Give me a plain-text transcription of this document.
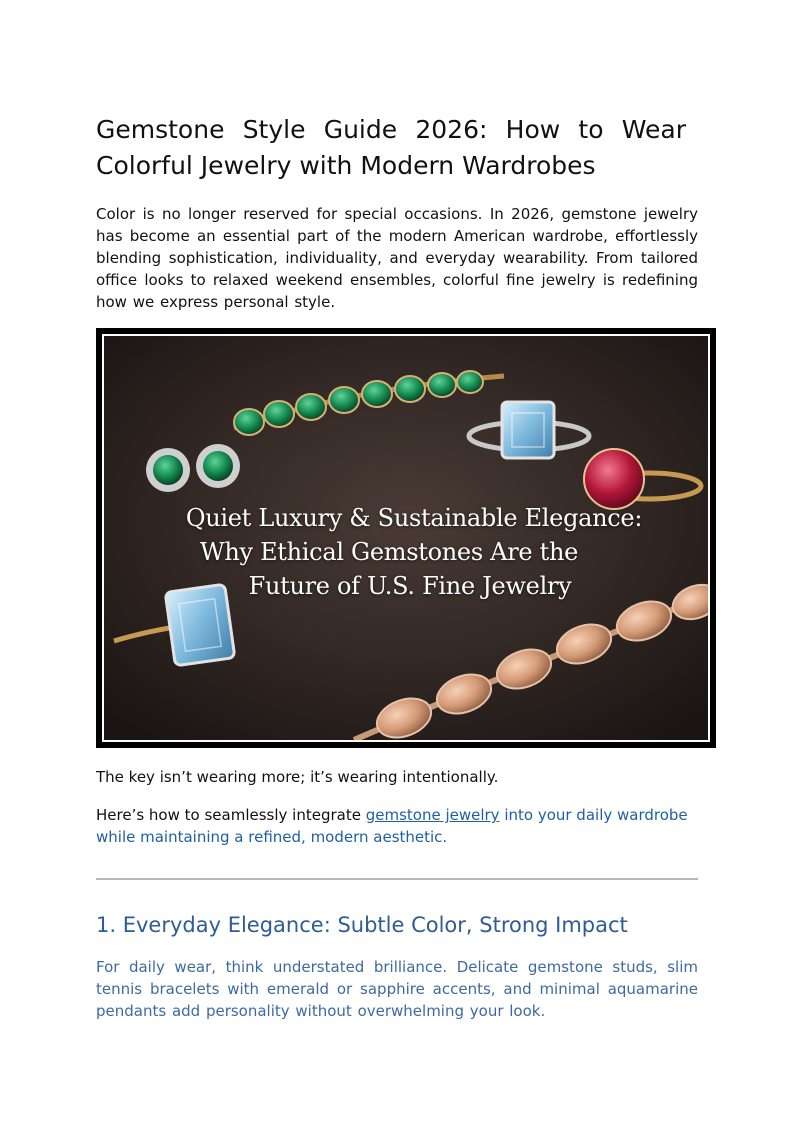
Gemstone Style Guide 2026: How to Wear Colorful Jewelry with Modern Wardrobes

Color is no longer reserved for special occasions. In 2026, gemstone jewelry has become an essential part of the modern American wardrobe, effortlessly blending sophistication, individuality, and everyday wearability. From tailored office looks to relaxed weekend ensembles, colorful fine jewelry is redefining how we express personal style.

Quiet Luxury & Sustainable Elegance:
Why Ethical Gemstones Are the
Future of U.S. Fine Jewelry

The key isn’t wearing more; it’s wearing intentionally.

Here’s how to seamlessly integrate gemstone jewelry into your daily wardrobe while maintaining a refined, modern aesthetic.

1. Everyday Elegance: Subtle Color, Strong Impact

For daily wear, think understated brilliance. Delicate gemstone studs, slim tennis bracelets with emerald or sapphire accents, and minimal aquamarine pendants add personality without overwhelming your look.
